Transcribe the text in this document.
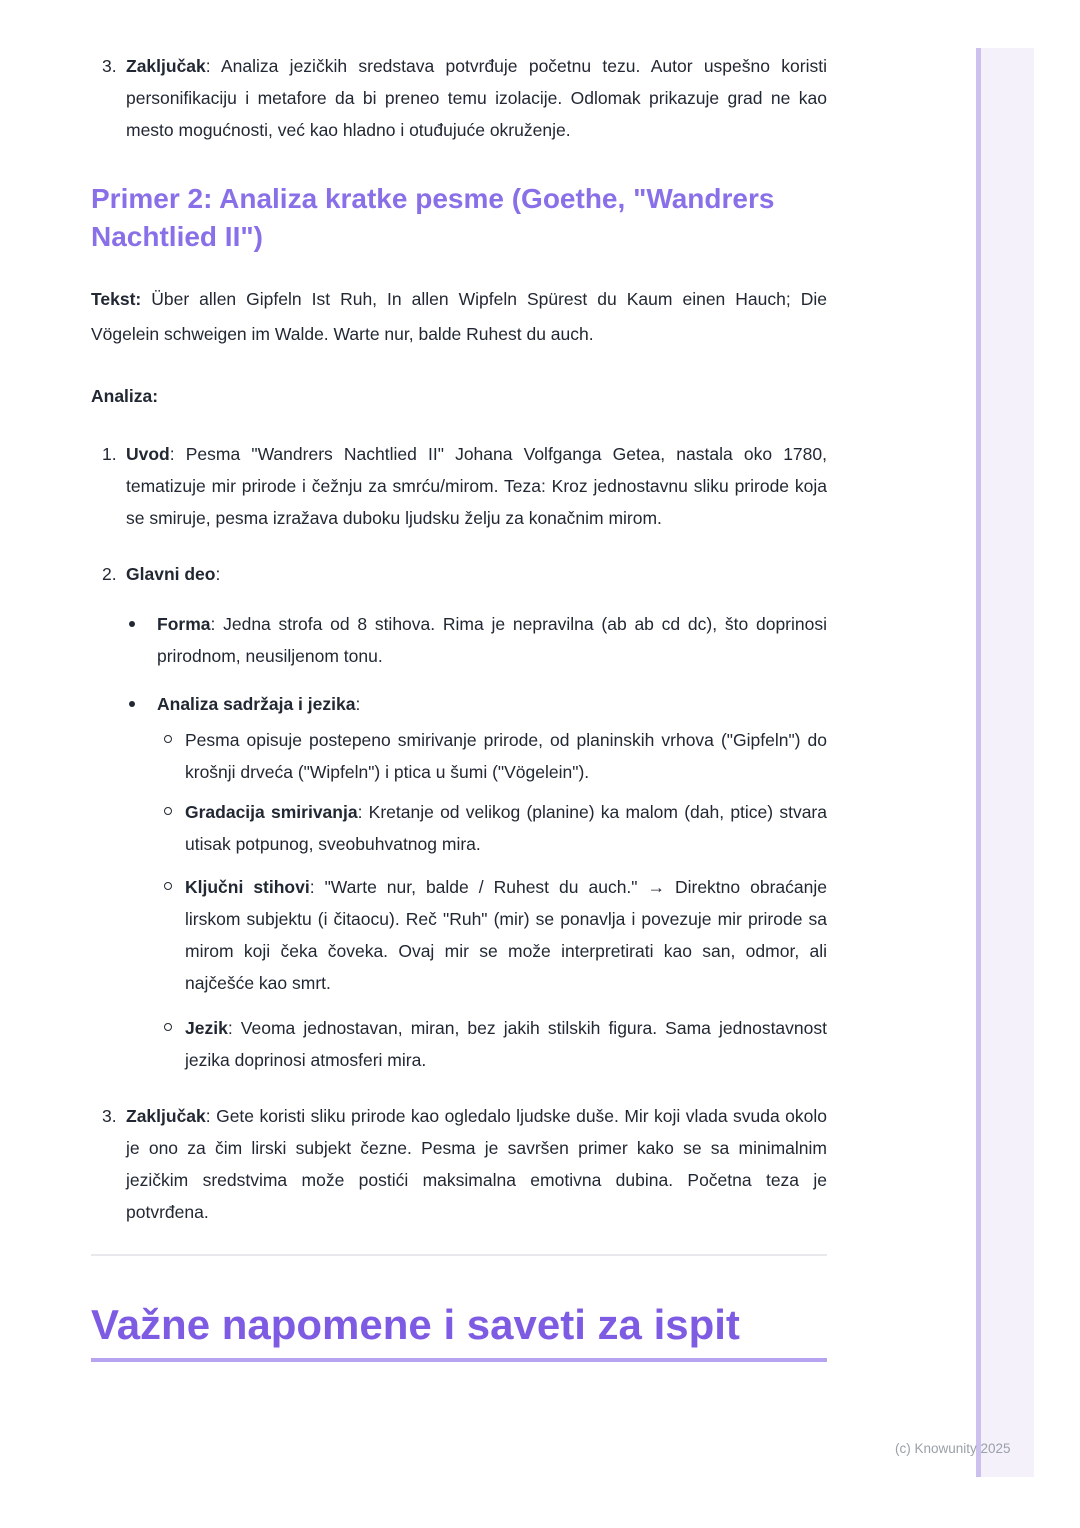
3. Zaključak: Analiza jezičkih sredstava potvrđuje početnu tezu. Autor uspešno koristi personifikaciju i metafore da bi preneo temu izolacije. Odlomak prikazuje grad ne kao mesto mogućnosti, već kao hladno i otuđujuće okruženje.
Primer 2: Analiza kratke pesme (Goethe, "Wandrers Nachtlied II")

Tekst: Über allen Gipfeln Ist Ruh, In allen Wipfeln Spürest du Kaum einen Hauch; Die Vögelein schweigen im Walde. Warte nur, balde Ruhest du auch.

Analiza:

1. Uvod: Pesma "Wandrers Nachtlied II" Johana Volfganga Getea, nastala oko 1780, tematizuje mir prirode i čežnju za smrću/mirom. Teza: Kroz jednostavnu sliku prirode koja se smiruje, pesma izražava duboku ljudsku želju za konačnim mirom.
2. Glavni deo:
Forma: Jedna strofa od 8 stihova. Rima je nepravilna (ab ab cd dc), što doprinosi prirodnom, neusiljenom tonu.
Analiza sadržaja i jezika:
Pesma opisuje postepeno smirivanje prirode, od planinskih vrhova ("Gipfeln") do krošnji drveća ("Wipfeln") i ptica u šumi ("Vögelein").
Gradacija smirivanja: Kretanje od velikog (planine) ka malom (dah, ptice) stvara utisak potpunog, sveobuhvatnog mira.
Ključni stihovi: "Warte nur, balde / Ruhest du auch." → Direktno obraćanje lirskom subjektu (i čitaocu). Reč "Ruh" (mir) se ponavlja i povezuje mir prirode sa mirom koji čeka čoveka. Ovaj mir se može interpretirati kao san, odmor, ali najčešće kao smrt.
Jezik: Veoma jednostavan, miran, bez jakih stilskih figura. Sama jednostavnost jezika doprinosi atmosferi mira.
3. Zaključak: Gete koristi sliku prirode kao ogledalo ljudske duše. Mir koji vlada svuda okolo je ono za čim lirski subjekt čezne. Pesma je savršen primer kako se sa minimalnim jezičkim sredstvima može postići maksimalna emotivna dubina. Početna teza je potvrđena.
Važne napomene i saveti za ispit
(c) Knowunity 2025
